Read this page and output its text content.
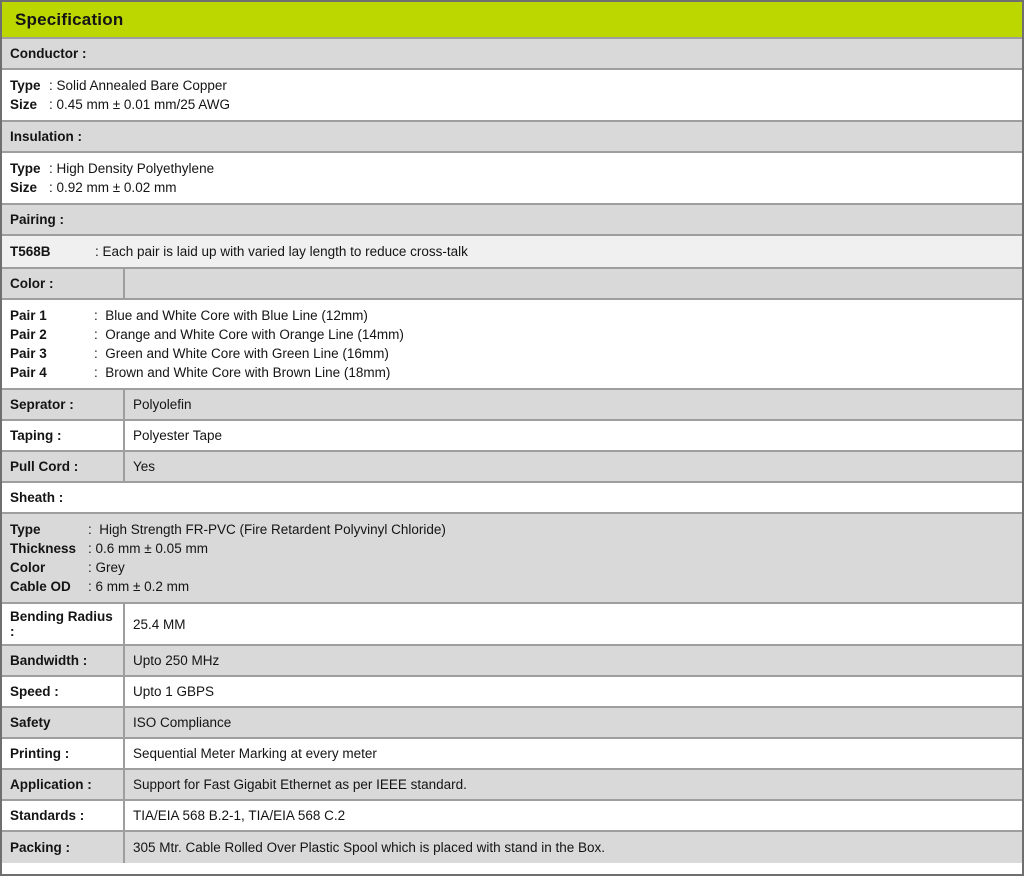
Specification
Conductor :
Type : Solid Annealed Bare Copper
Size : 0.45 mm ± 0.01 mm/25 AWG
Insulation :
Type : High Density Polyethylene
Size : 0.92 mm ± 0.02 mm
Pairing :
T568B	: Each pair is laid up with varied lay length to reduce cross-talk
Color :
Pair 1	:  Blue and White Core with Blue Line (12mm)
Pair 2	:  Orange and White Core with Orange Line (14mm)
Pair 3	:  Green and White Core with Green Line (16mm)
Pair 4	:  Brown and White Core with Brown Line (18mm)
Seprator :	Polyolefin
Taping :	Polyester Tape
Pull Cord :	Yes
Sheath :
Type	:  High Strength FR-PVC (Fire Retardent Polyvinyl Chloride)
Thickness : 0.6 mm ± 0.05 mm
Color	: Grey
Cable OD	: 6 mm ± 0.2 mm
Bending Radius :	25.4 MM
Bandwidth :	Upto 250 MHz
Speed :	Upto 1 GBPS
Safety	ISO Compliance
Printing :	Sequential Meter Marking at every meter
Application :	Support for Fast Gigabit Ethernet as per IEEE standard.
Standards :	TIA/EIA 568 B.2-1, TIA/EIA 568 C.2
Packing :	305 Mtr. Cable Rolled Over Plastic Spool which is placed with stand in the Box.
